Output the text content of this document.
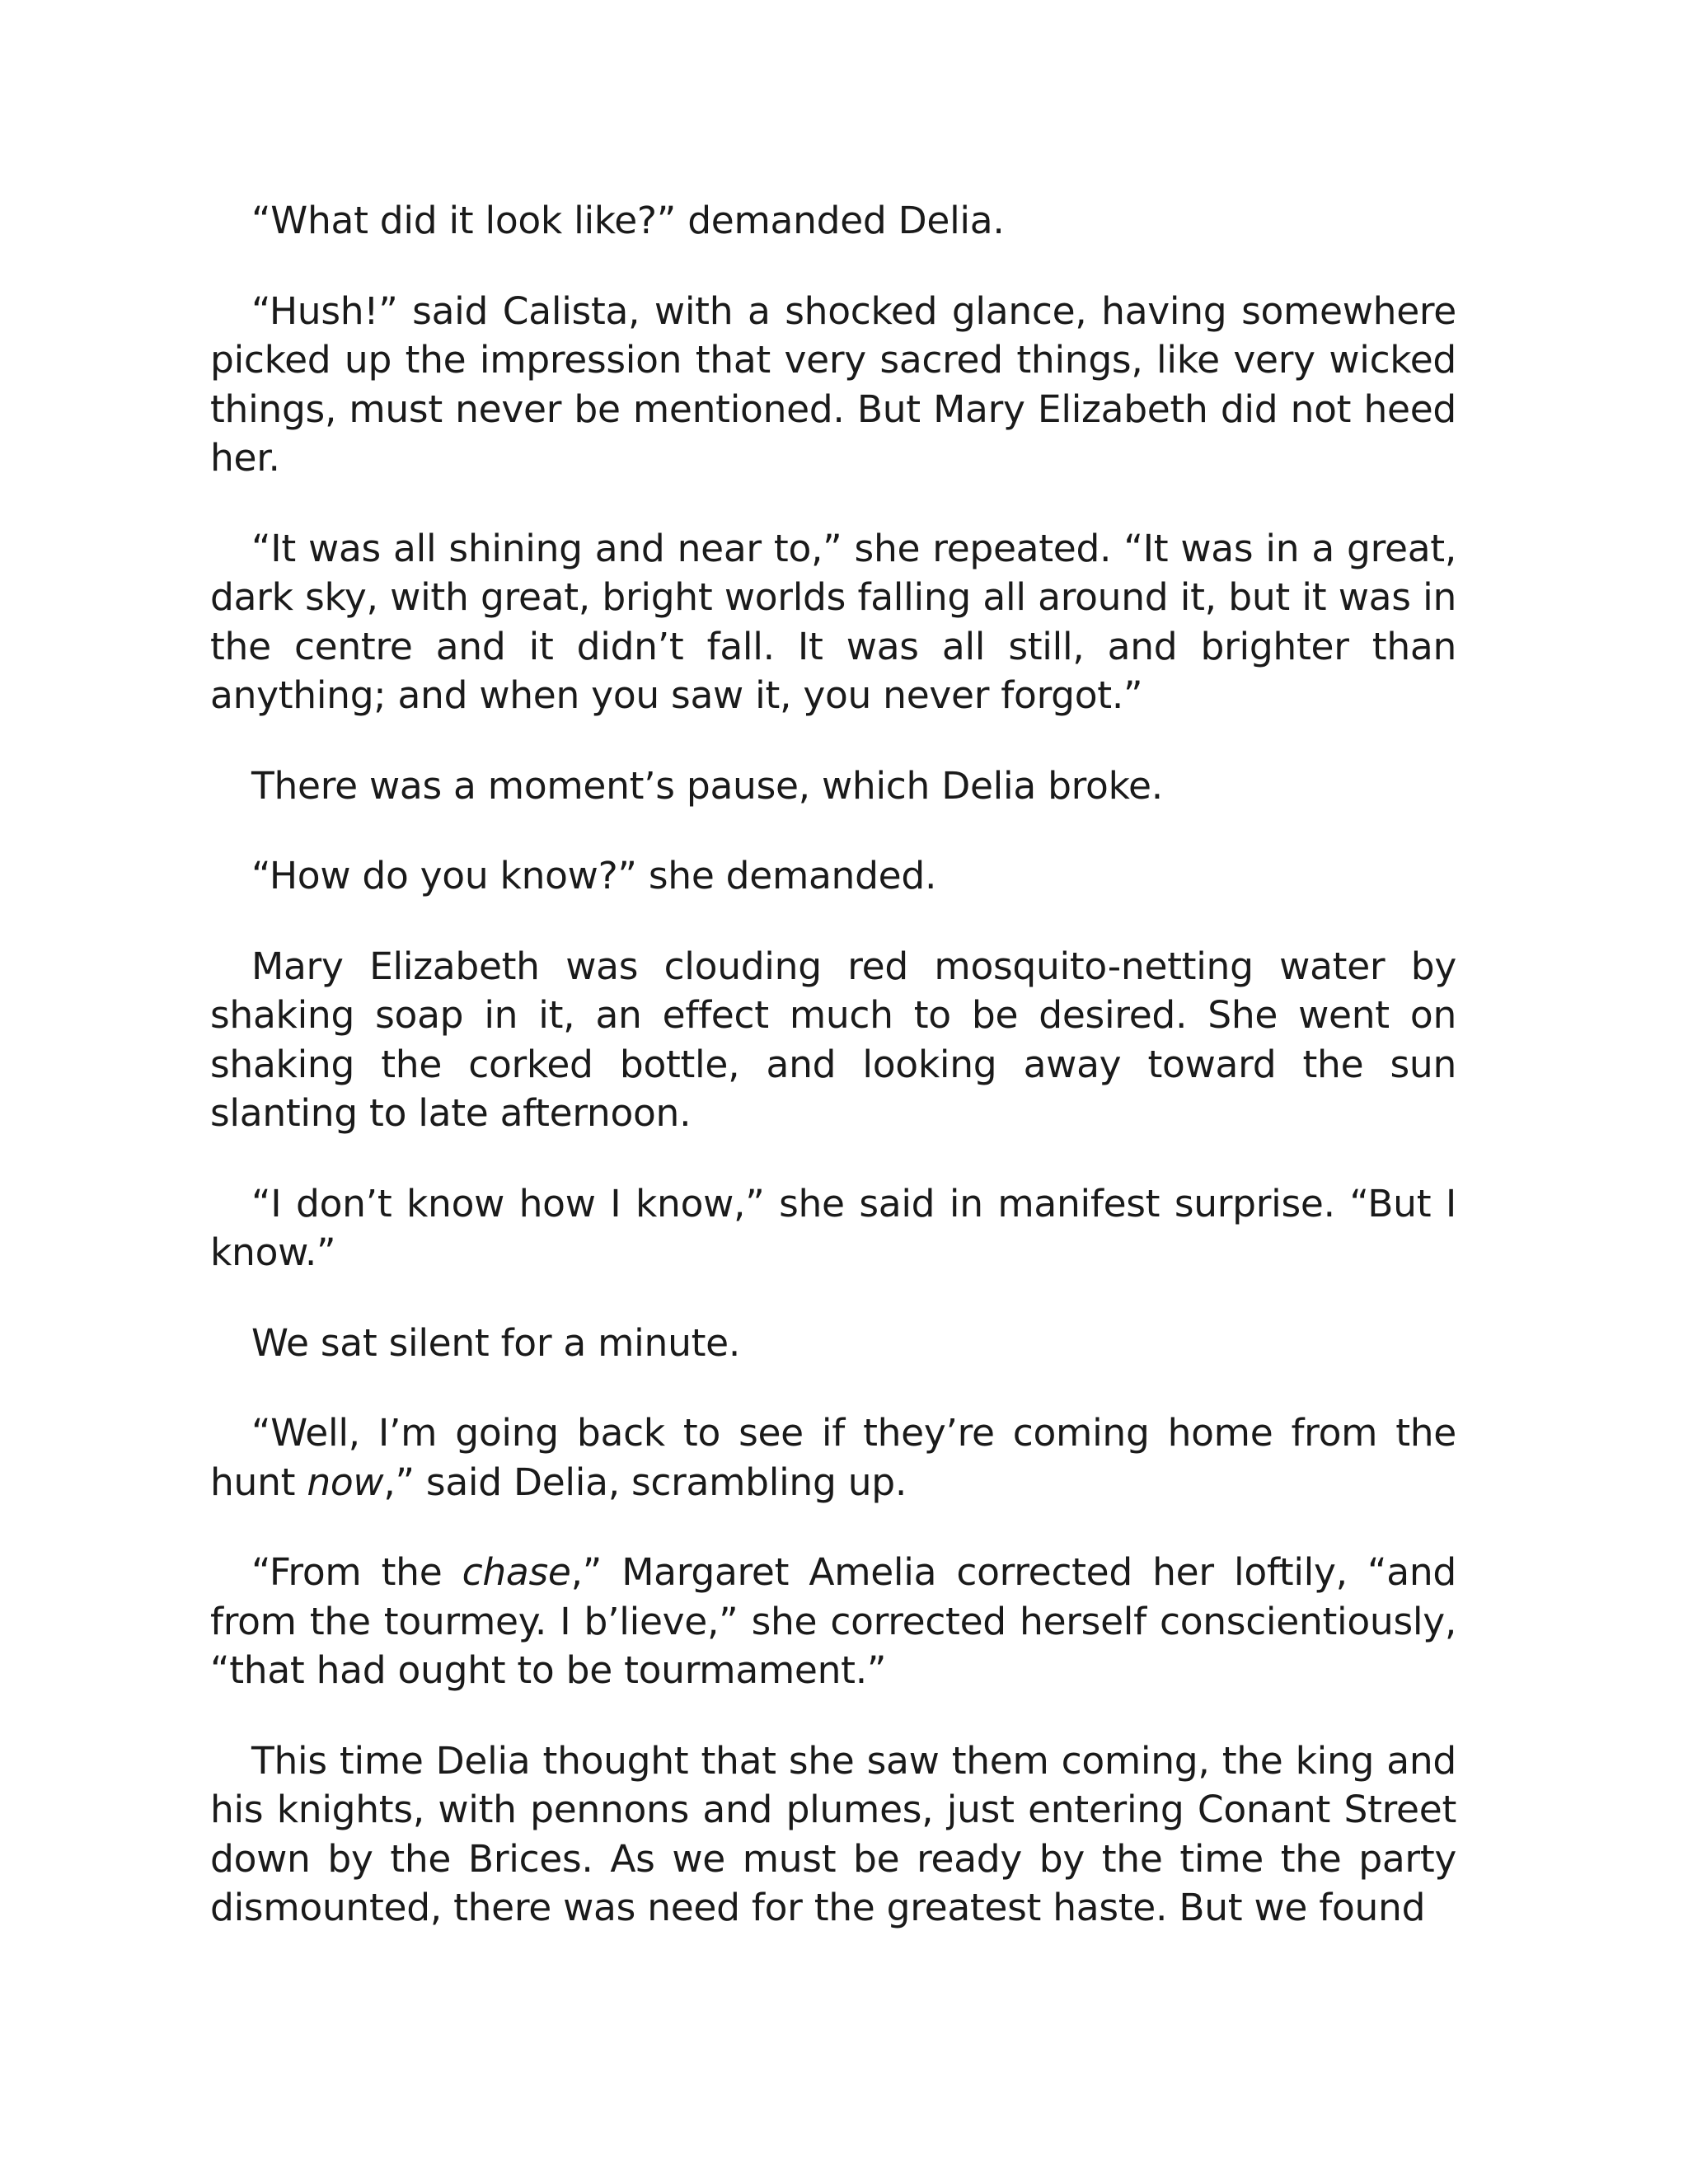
“What did it look like?” demanded Delia.

“Hush!” said Calista, with a shocked glance, having somewhere picked up the impression that very sacred things, like very wicked things, must never be mentioned. But Mary Elizabeth did not heed her.

“It was all shining and near to,” she repeated. “It was in a great, dark sky, with great, bright worlds falling all around it, but it was in the centre and it didn’t fall. It was all still, and brighter than anything; and when you saw it, you never forgot.”

There was a moment’s pause, which Delia broke.

“How do you know?” she demanded.

Mary Elizabeth was clouding red mosquito-netting water by shaking soap in it, an effect much to be desired. She went on shaking the corked bottle, and looking away toward the sun slanting to late afternoon.

“I don’t know how I know,” she said in manifest surprise. “But I know.”

We sat silent for a minute.

“Well, I’m going back to see if they’re coming home from the hunt now,” said Delia, scrambling up.

“From the chase,” Margaret Amelia corrected her loftily, “and from the tourmey. I b’lieve,” she corrected herself conscientiously, “that had ought to be tourmament.”

This time Delia thought that she saw them coming, the king and his knights, with pennons and plumes, just entering Conant Street down by the Brices. As we must be ready by the time the party dismounted, there was need for the greatest haste. But we found
